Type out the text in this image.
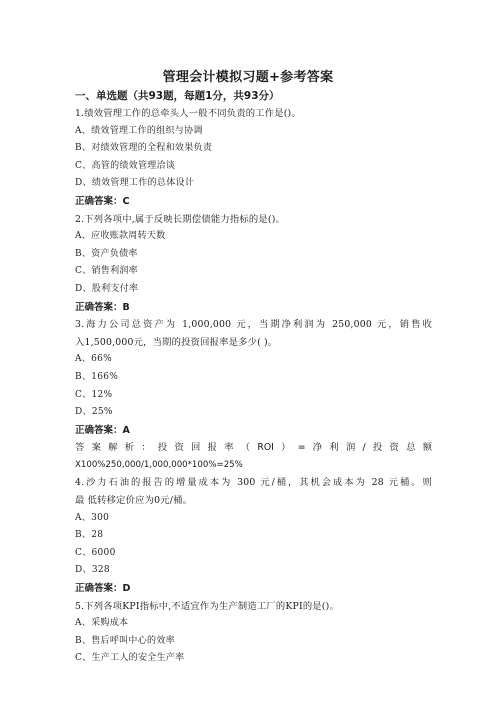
管理会计模拟习题+参考答案
一、单选题（共93题，每题1分，共93分）
1.绩效管理工作的总牵头人一般不同负责的工作是()。
A、绩效管理工作的组织与协调
B、对绩效管理的全程和效果负责
C、高管的绩效管理洽谈
D、绩效管理工作的总体设计
正确答案：C
2.下列各项中,属于反映长期偿债能力指标的是()。
A、应收账款周转天数
B、资产负债率
C、销售利润率
D、股利支付率
正确答案：B
3.海力公司总资产为 1,000,000 元，当期净利润为 250,000 元，销售收
入1,500,000元，当期的投资回报率是多少( )。
A、66%
B、166%
C、12%
D、25%
正确答案：A
答案解析：投资回报率（ROI）=净利润/投资总额
X100%250,000/1,000,000*100%=25%
4.沙力石油的报告的增量成本为 300 元/桶，其机会成本为 28 元桶。则
最 低转移定价应为0元/桶。
A、300
B、28
C、6000
D、328
正确答案：D
5.下列各项KPI指标中,不适宜作为生产制造工厂的KPI的是()。
A、采购成本
B、售后呼叫中心的效率
C、生产工人的安全生产率
